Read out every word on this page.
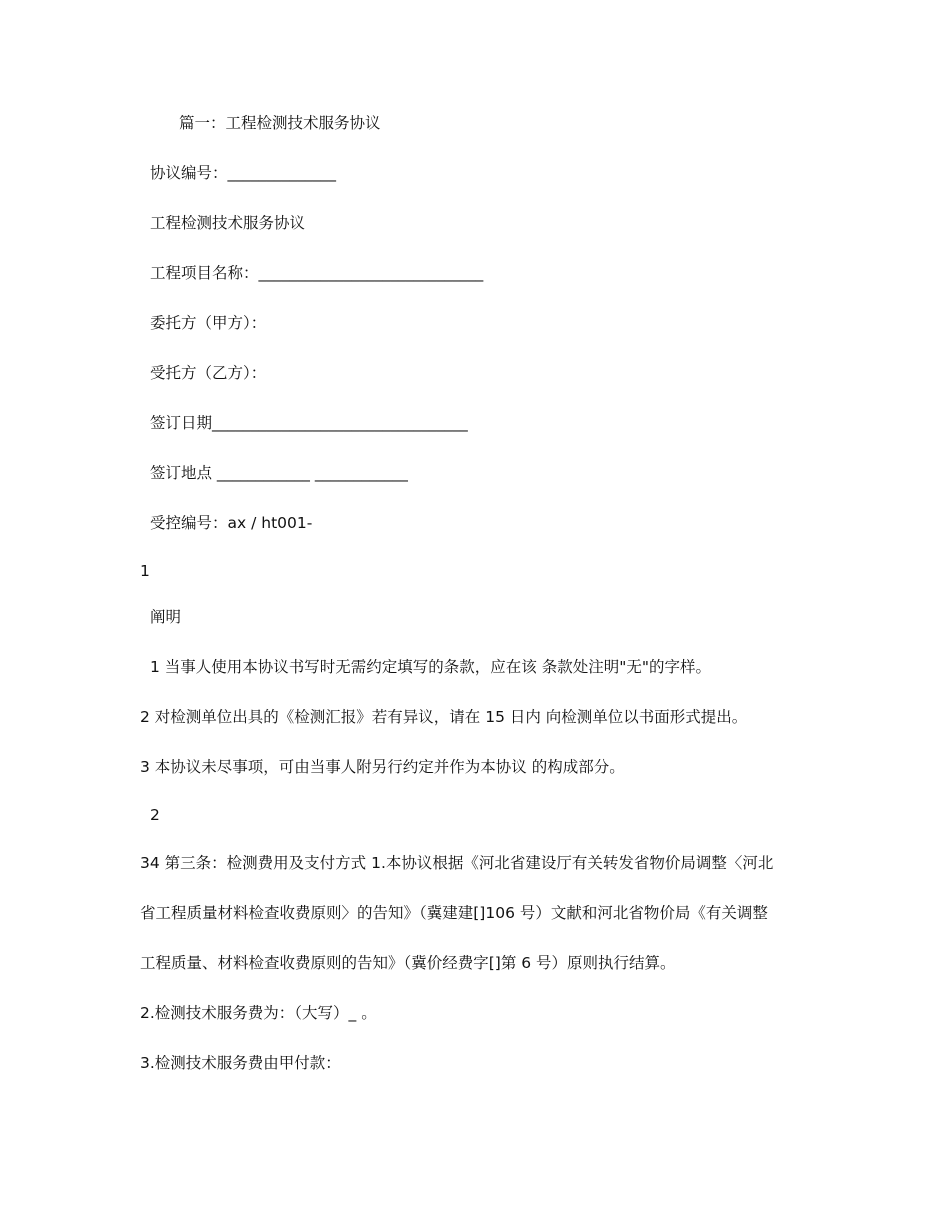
篇一：工程检测技术服务协议
协议编号：______________
工程检测技术服务协议
工程项目名称：_____________________________
委托方（甲方）：
受托方（乙方）：
签订日期_________________________________
签订地点 ____________ ____________
受控编号：ax / ht001-
1
阐明
1 当事人使用本协议书写时无需约定填写的条款，应在该 条款处注明"无"的字样。
2 对检测单位出具的《检测汇报》若有异议，请在 15 日内 向检测单位以书面形式提出。
3 本协议未尽事项，可由当事人附另行约定并作为本协议 的构成部分。
2
34 第三条：检测费用及支付方式 1.本协议根据《河北省建设厅有关转发省物价局调整〈河北
省工程质量材料检查收费原则〉的告知》（冀建建[]106 号）文献和河北省物价局《有关调整
工程质量、材料检查收费原则的告知》（冀价经费字[]第 6 号）原则执行结算。
2.检测技术服务费为：（大写）_ 。
3.检测技术服务费由甲付款：
